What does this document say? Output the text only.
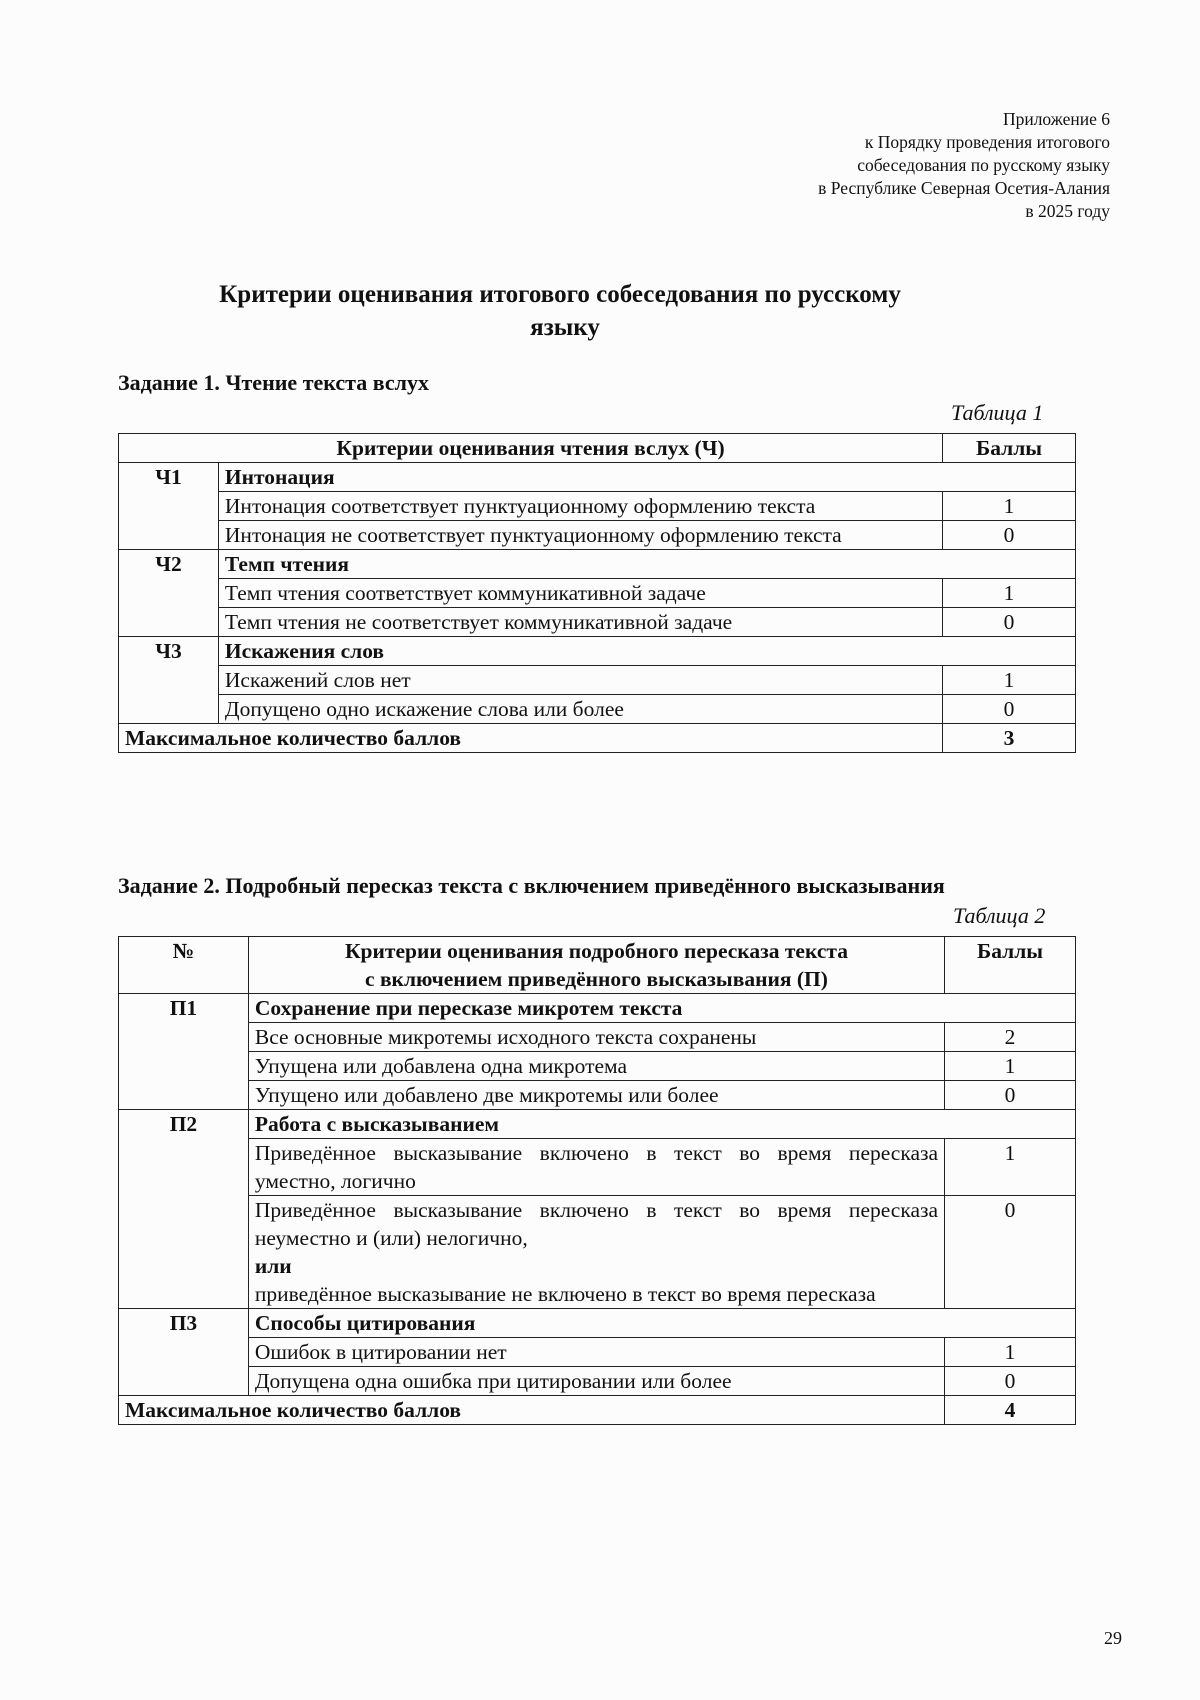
Приложение 6
к Порядку проведения итогового
собеседования по русскому языку
в Республике Северная Осетия-Алания
в 2025 году
Критерии оценивания итогового собеседования по русскому
языку
Задание 1. Чтение текста вслух
Таблица 1
Критерии оценивания чтения вслух (Ч)		Баллы
Ч1	Интонация	
	Интонация соответствует пунктуационному оформлению текста	1
	Интонация не соответствует пунктуационному оформлению текста	0
Ч2	Темп чтения	
	Темп чтения соответствует коммуникативной задаче	1
	Темп чтения не соответствует коммуникативной задаче	0
Ч3	Искажения слов	
	Искажений слов нет	1
	Допущено одно искажение слова или более	0
Максимальное количество баллов		3
Задание 2. Подробный пересказ текста с включением приведённого высказывания
Таблица 2
№	Критерии оценивания подробного пересказа текста
с включением приведённого высказывания (П)	Баллы
П1	Сохранение при пересказе микротем текста	
	Все основные микротемы исходного текста сохранены	2
	Упущена или добавлена одна микротема	1
	Упущено или добавлено две микротемы или более	0
П2	Работа с высказыванием	
	Приведённое высказывание включено в текст во время пересказа уместно, логично	1

	Приведённое высказывание включено в текст во время пересказа неуместно и (или) нелогично,
или
приведённое высказывание не включено в текст во время пересказа	0
П3	Способы цитирования	
	Ошибок в цитировании нет	1
	Допущена одна ошибка при цитировании или более	0
Максимальное количество баллов		4
29
